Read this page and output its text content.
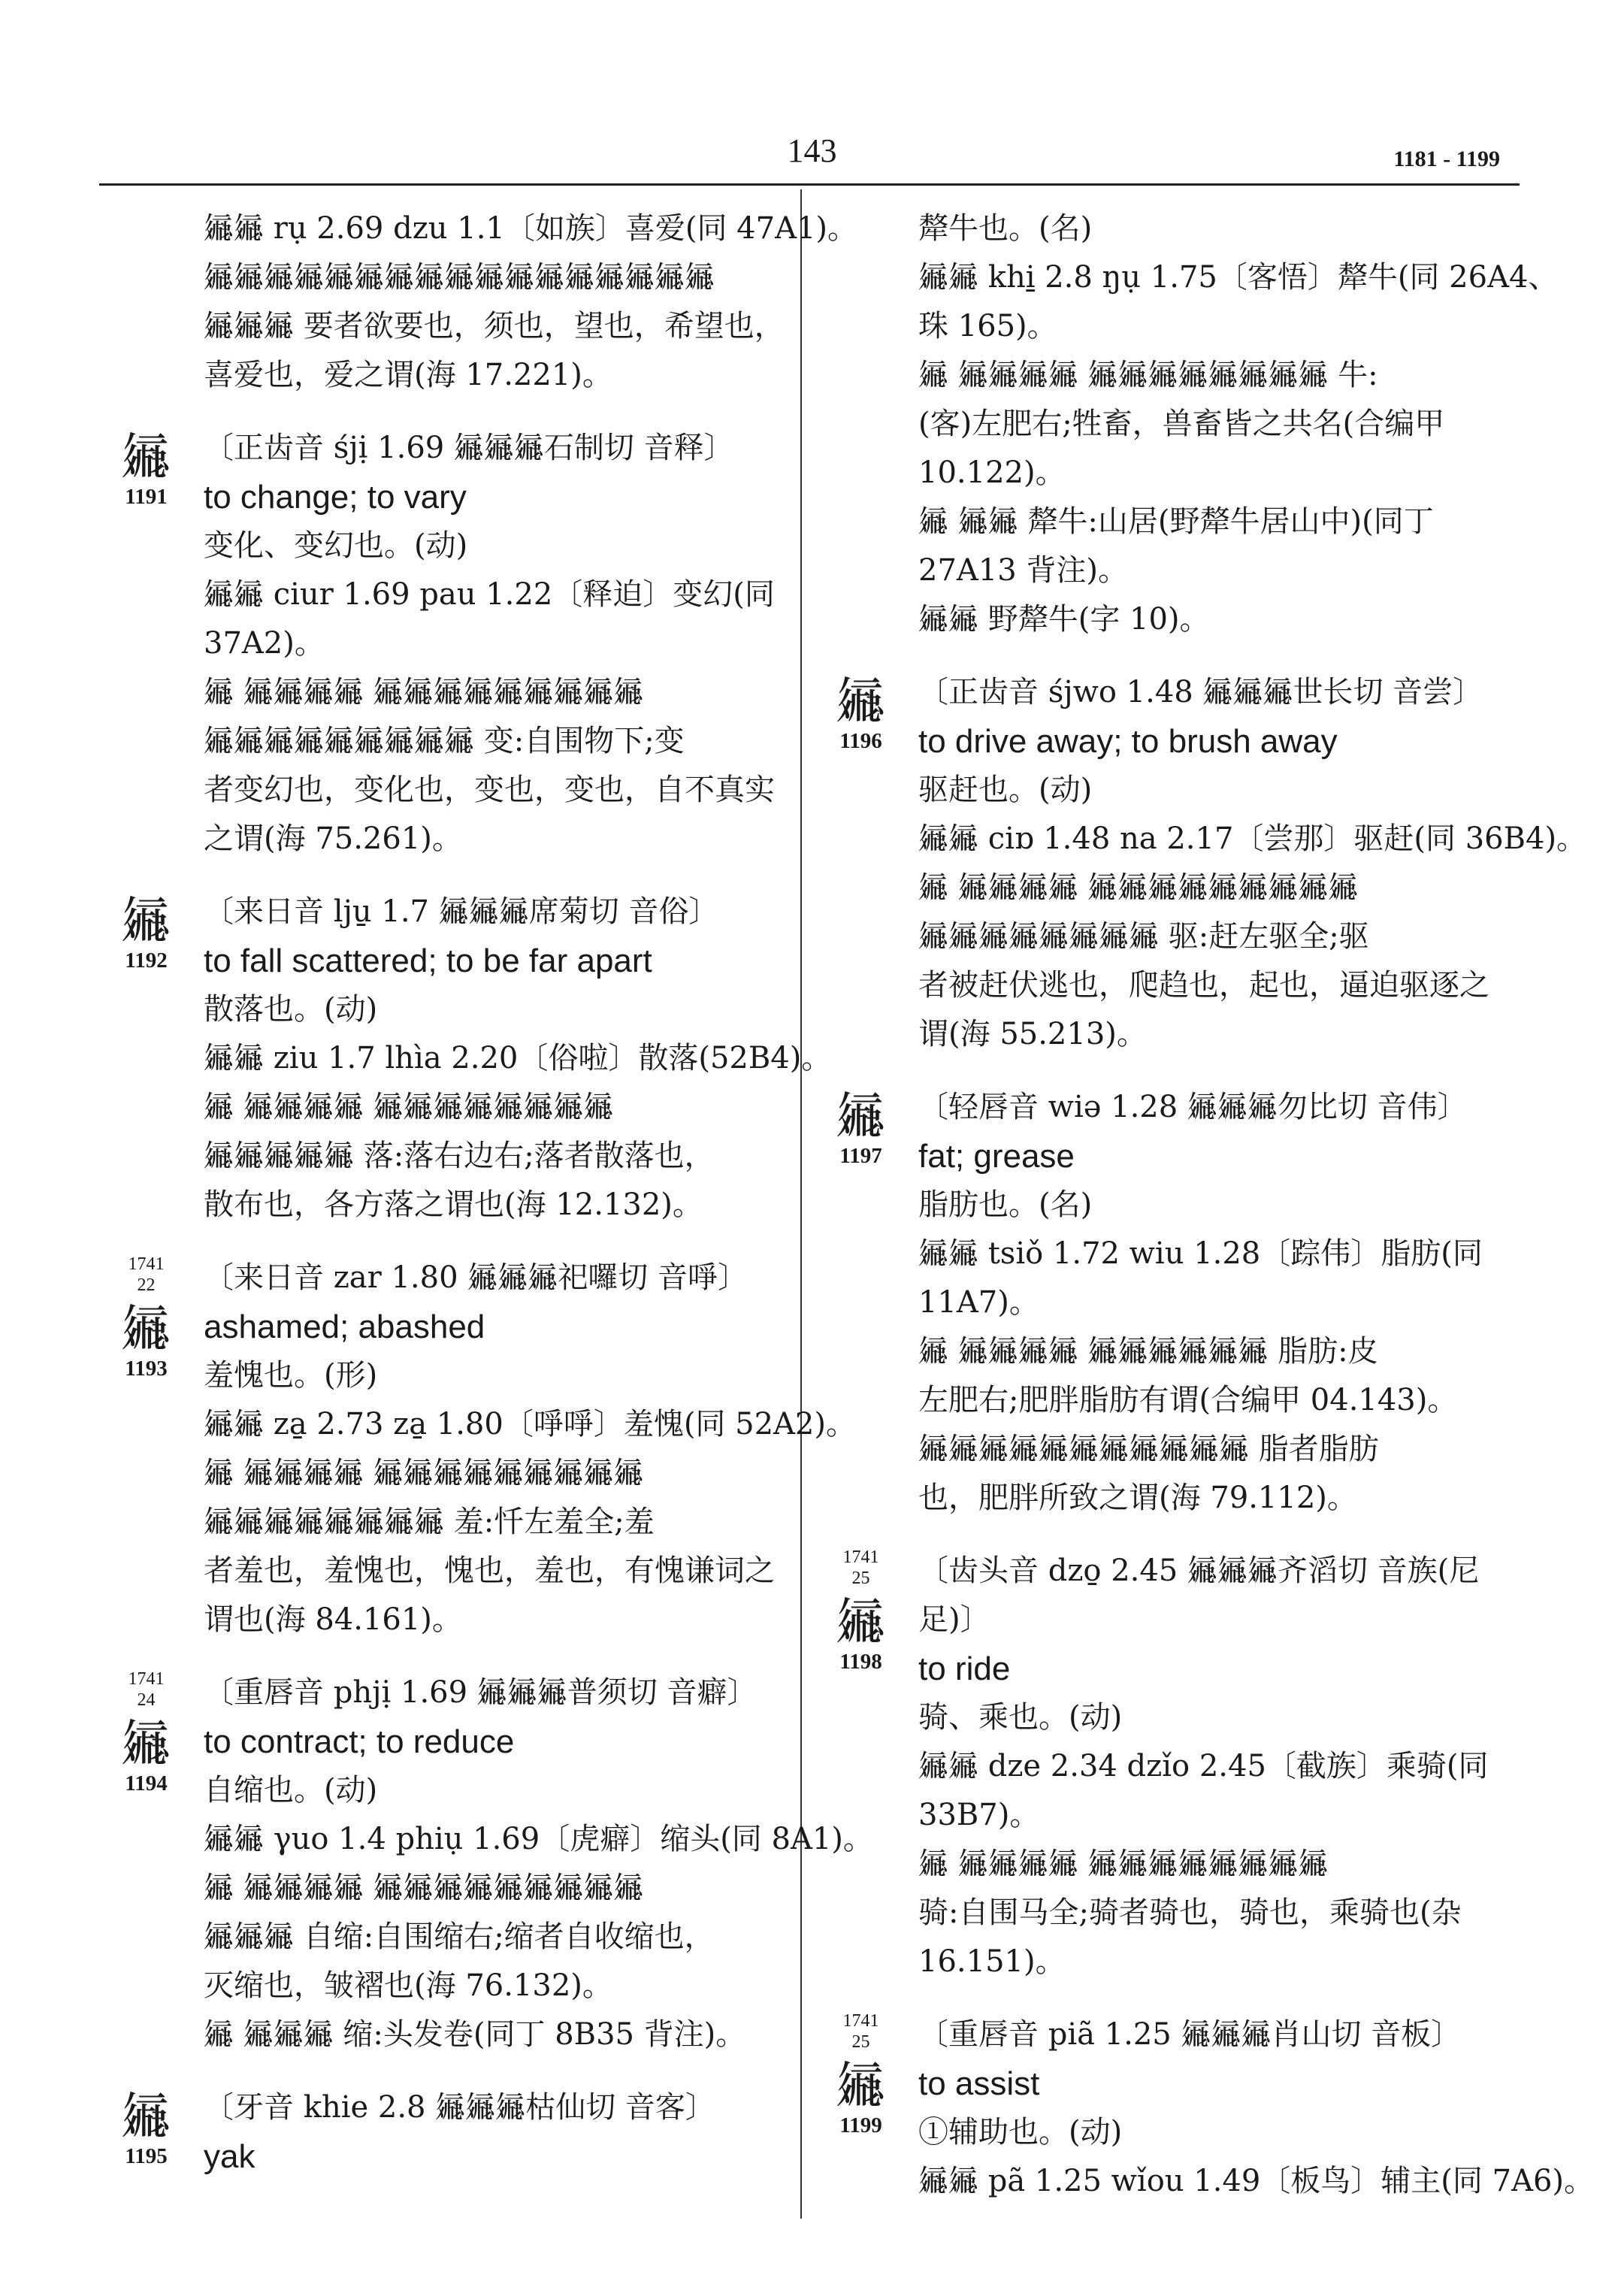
143	1181 - 1199
𗩾𗩾 rụ 2.69 dzu 1.1〔如族〕喜爱(同 47A1)。
𗩾𗩾𗩾𗩾𗩾𗩾𗩾𗩾𗩾𗩾𗩾𗩾𗩾𗩾𗩾𗩾𗩾
𗩾𗩾𗩾 要者欲要也，须也，望也，希望也，
喜爱也，爱之谓(海 17.221)。
𗩾
1191
〔正齿音 śjị 1.69 𗩾𗩾𗩾石制切 音释〕
to change; to vary
变化、变幻也。(动)
𗩾𗩾 ciur 1.69 pau 1.22〔释迫〕变幻(同
37A2)。
𗩾 𗩾𗩾𗩾𗩾 𗩾𗩾𗩾𗩾𗩾𗩾𗩾𗩾𗩾
𗩾𗩾𗩾𗩾𗩾𗩾𗩾𗩾𗩾 变:自围物下;变
者变幻也，变化也，变也，变也，自不真实
之谓(海 75.261)。
𗩾
1192
〔来日音 lju̱ 1.7 𗩾𗩾𗩾席菊切 音俗〕
to fall scattered; to be far apart
散落也。(动)
𗩾𗩾 ziu 1.7 lhìa 2.20〔俗啦〕散落(52B4)。
𗩾 𗩾𗩾𗩾𗩾 𗩾𗩾𗩾𗩾𗩾𗩾𗩾𗩾
𗩾𗩾𗩾𗩾𗩾 落:落右边右;落者散落也，
散布也，各方落之谓也(海 12.132)。
1741
22
𗩾
1193
〔来日音 zar 1.80 𗩾𗩾𗩾祀囉切 音𠲜〕
ashamed; abashed
羞愧也。(形)
𗩾𗩾 za̱ 2.73 za̱ 1.80〔𠲜𠲜〕羞愧(同 52A2)。
𗩾 𗩾𗩾𗩾𗩾 𗩾𗩾𗩾𗩾𗩾𗩾𗩾𗩾𗩾
𗩾𗩾𗩾𗩾𗩾𗩾𗩾𗩾 羞:忏左羞全;羞
者羞也，羞愧也，愧也，羞也，有愧谦词之
谓也(海 84.161)。
1741
24
𗩾
1194
〔重唇音 phjị 1.69 𗩾𗩾𗩾普须切 音癖〕
to contract; to reduce
自缩也。(动)
𗩾𗩾 γuo 1.4 phiụ 1.69〔虎癖〕缩头(同 8A1)。
𗩾 𗩾𗩾𗩾𗩾 𗩾𗩾𗩾𗩾𗩾𗩾𗩾𗩾𗩾
𗩾𗩾𗩾 自缩:自围缩右;缩者自收缩也，
灭缩也，皱褶也(海 76.132)。
𗩾 𗩾𗩾𗩾 缩:头发卷(同丁 8B35 背注)。
𗩾
1195
〔牙音 khie 2.8 𗩾𗩾𗩾枯仙切 音客〕
yak
犛牛也。(名)
𗩾𗩾 khi̱ 2.8 ŋụ 1.75〔客悟〕犛牛(同 26A4、
珠 165)。
𗩾 𗩾𗩾𗩾𗩾 𗩾𗩾𗩾𗩾𗩾𗩾𗩾𗩾 牛:
(客)左肥右;牲畜，兽畜皆之共名(合编甲
10.122)。
𗩾 𗩾𗩾 犛牛:山居(野犛牛居山中)(同丁
27A13 背注)。
𗩾𗩾 野犛牛(字 10)。
𗩾
1196
〔正齿音 śjwo 1.48 𗩾𗩾𗩾世长切 音尝〕
to drive away; to brush away
驱赶也。(动)
𗩾𗩾 ciɒ 1.48 na 2.17〔尝那〕驱赶(同 36B4)。
𗩾 𗩾𗩾𗩾𗩾 𗩾𗩾𗩾𗩾𗩾𗩾𗩾𗩾𗩾
𗩾𗩾𗩾𗩾𗩾𗩾𗩾𗩾 驱:赶左驱全;驱
者被赶伏逃也，爬趋也，起也，逼迫驱逐之
谓(海 55.213)。
𗩾
1197
〔轻唇音 wiə 1.28 𗩾𗩾𗩾勿比切 音伟〕
fat; grease
脂肪也。(名)
𗩾𗩾 tsiǒ 1.72 wiu 1.28〔踪伟〕脂肪(同
11A7)。
𗩾 𗩾𗩾𗩾𗩾 𗩾𗩾𗩾𗩾𗩾𗩾 脂肪:皮
左肥右;肥胖脂肪有谓(合编甲 04.143)。
𗩾𗩾𗩾𗩾𗩾𗩾𗩾𗩾𗩾𗩾𗩾 脂者脂肪
也，肥胖所致之谓(海 79.112)。
1741
25
𗩾
1198
〔齿头音 dzo̱ 2.45 𗩾𗩾𗩾齐滔切 音族(尼
足)〕
to ride
骑、乘也。(动)
𗩾𗩾 dze 2.34 dzǐo 2.45〔截族〕乘骑(同
33B7)。
𗩾 𗩾𗩾𗩾𗩾 𗩾𗩾𗩾𗩾𗩾𗩾𗩾𗩾
骑:自围马全;骑者骑也，骑也，乘骑也(杂
16.151)。
1741
25
𗩾
1199
〔重唇音 piã 1.25 𗩾𗩾𗩾肖山切 音板〕
to assist
①辅助也。(动)
𗩾𗩾 pã 1.25 wǐou 1.49〔板鸟〕辅主(同 7A6)。
